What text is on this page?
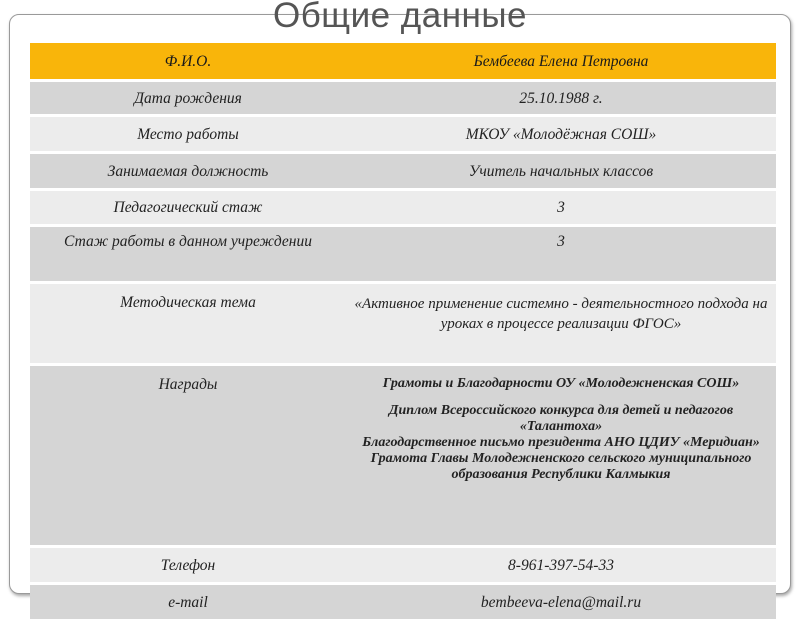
Общие данные
Ф.И.О.	Бембеева Елена Петровна
Дата рождения	25.10.1988 г.
Место работы	МКОУ «Молодёжная СОШ»
Занимаемая должность	Учитель начальных классов
Педагогический стаж	3
Стаж работы в данном учреждении	3
Методическая тема	«Активное применение системно - деятельностного подхода на уроках в процессе реализации ФГОС»
Награды	Грамоты и Благодарности ОУ «Молодежненская СОШ»
Диплом Всероссийского конкурса для детей и педагогов «Талантоха»
Благодарственное письмо президента АНО ЦДИУ «Меридиан»
Грамота Главы Молодежненского сельского муниципального образования Республики Калмыкия

Телефон	8-961-397-54-33
e-mail	bembeeva-elena@mail.ru
